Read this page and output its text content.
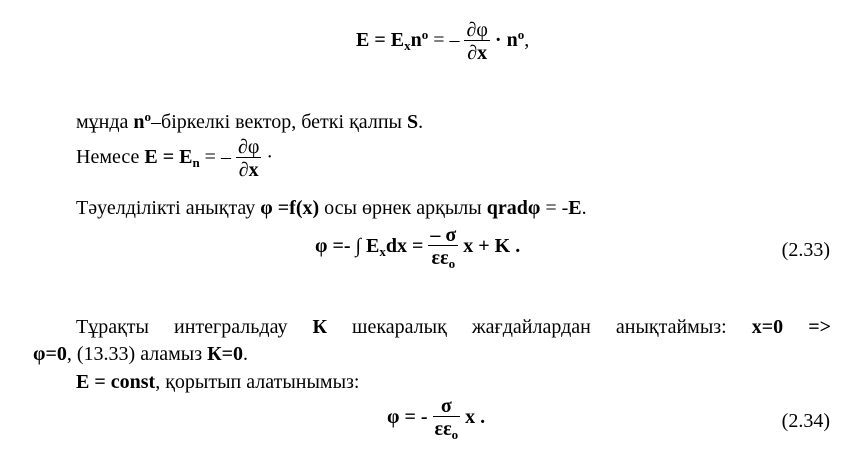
$E = E_xn^o$ = – $\frac{\partial\varphi}{\partial x} \cdot n^o$,
мұнда $n^o$–біркелкі вектор, беткі қалпы S.
Немесе $E = E_n$ = – $\frac{\partial\varphi}{\partial x}$ ·
Тәуелділікті анықтау φ =f(x) осы өрнек арқылы qradφ = -E.
φ =- ∫ $E_xdx = \frac{- \sigma}{\varepsilon\varepsilon_o}$ x + K .	(2.33)
Тұрақты интегральдау К шекаралық жағдайлардан анықтаймыз: x=0 =>
φ=0, (13.33) аламыз К=0.
E = const, қорытып алатынымыз:
φ = - $\frac{\sigma}{\varepsilon\varepsilon_o}$ x .	(2.34)
